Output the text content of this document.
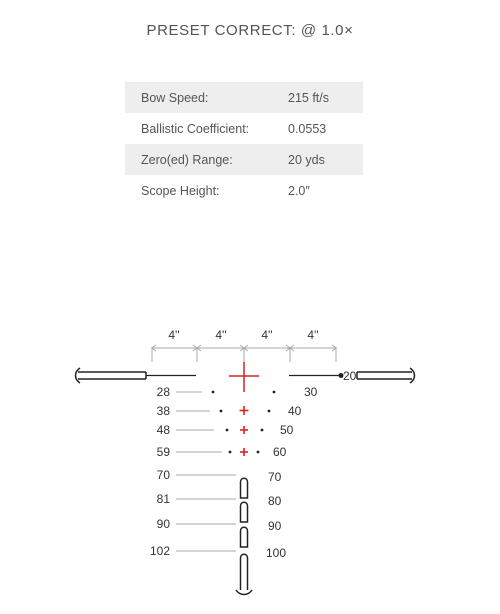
PRESET CORRECT: @ 1.0×
Bow Speed:	215 ft/s
Ballistic Coefficient:	0.0553
Zero(ed) Range:	20 yds
Scope Height:	2.0″
4''	4''	4''	4''
20
28
38
48
59
70
81
90
102
30
40
50
60
70
80
90
100
